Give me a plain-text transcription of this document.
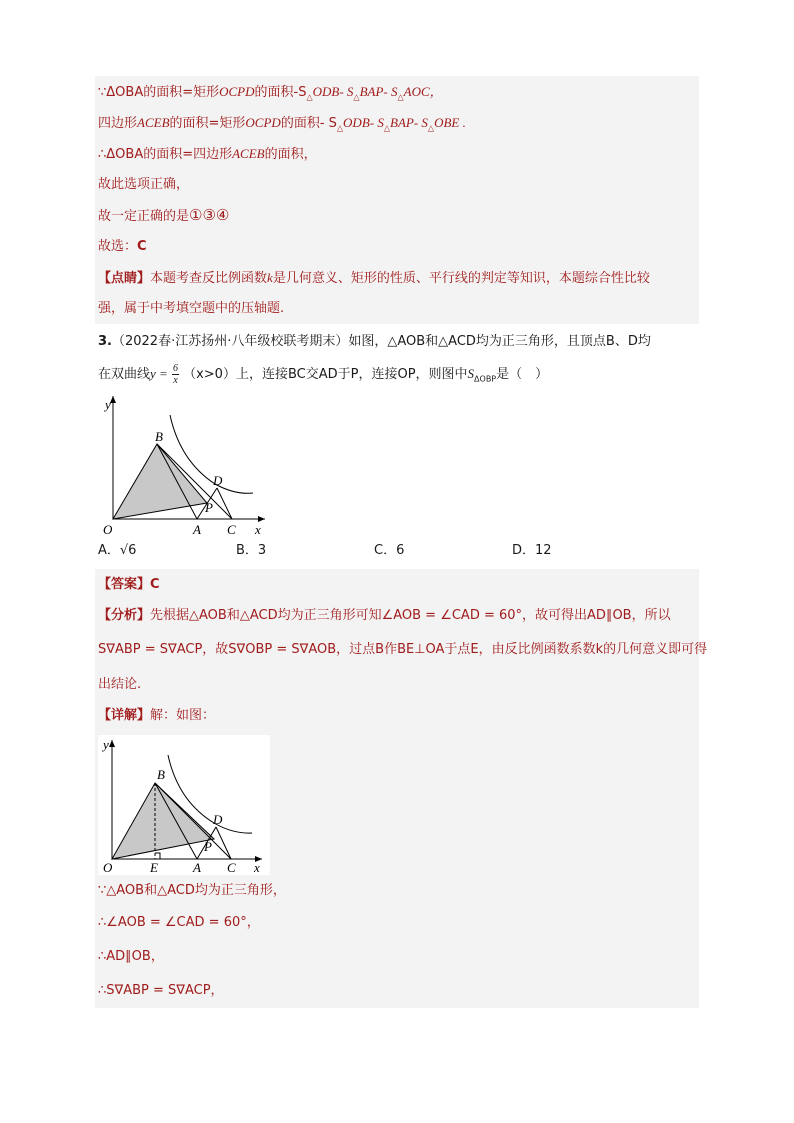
∵ΔOBA的面积=矩形OCPD的面积$-S_\triangle ODB-$ $S_\triangle BAP-$ $S_\triangle AOC$，
四边形ACEB的面积=矩形OCPD的面积- $S_\triangle ODB-$ $S_\triangle BAP-$ $S_\triangle OBE$ .
∴ΔOBA的面积=四边形ACEB的面积，
故此选项正确，
故一定正确的是①③④
故选：C
【点睛】本题考查反比例函数k是几何意义、矩形的性质、平行线的判定等知识，本题综合性比较
强，属于中考填空题中的压轴题.
3.（2022春·江苏扬州·八年级校联考期末）如图，△AOB和△ACD均为正三角形，且顶点B、D均
在双曲线$y = \frac{6}{x} (x>0)$上，连接BC交AD于P，连接OP，则图中$S_{\Delta OBP}$是（　）
y
x
O	A C
B
D
P
A．√6	B．3	C．6	D．12
【答案】C
【分析】先根据△AOB和△ACD均为正三角形可知∠AOB = ∠CAD = 60°，故可得出AD∥OB，所以
S∇ABP = S∇ACP，故S∇OBP = S∇AOB，过点B作BE⊥OA于点E，由反比例函数系数k的几何意义即可得
出结论.
【详解】解：如图：
y
x
O	E	A C
B
D
P
∵△AOB和△ACD均为正三角形，
∴∠AOB = ∠CAD = 60°，
∴AD∥OB，
∴S∇ABP = S∇ACP，
